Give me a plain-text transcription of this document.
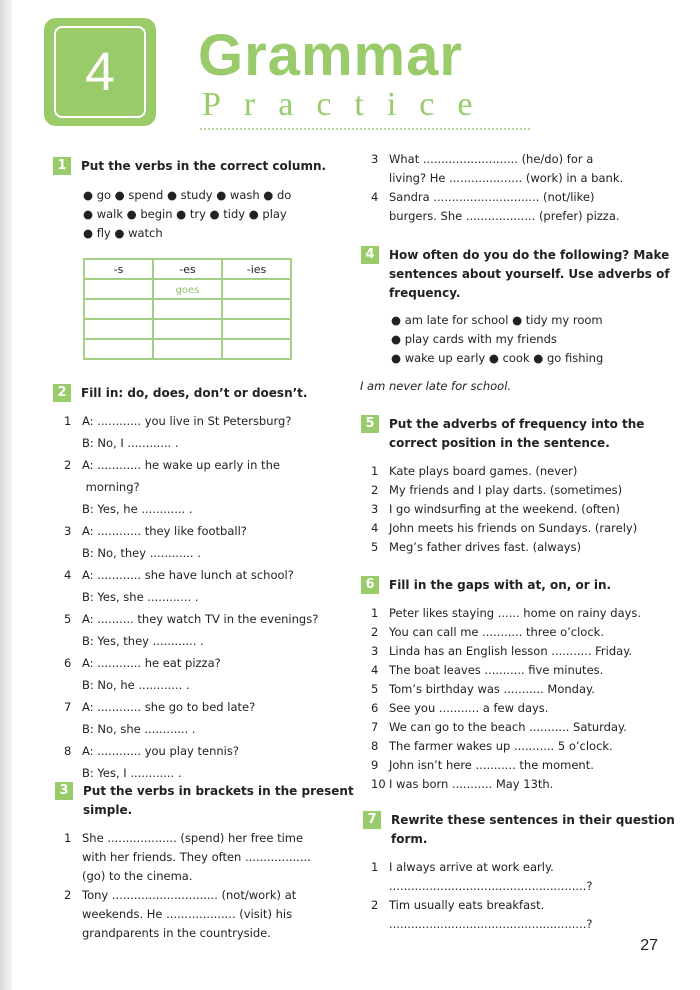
4	Grammar
Practice
1	Put the verbs in the correct column.
● go ● spend ● study ● wash ● do
● walk ● begin ● try ● tidy ● play
● fly ● watch
-s	-es	-ies
	goes	

2	Fill in: do, does, don’t or doesn’t.
1 A: ............ you live in St Petersburg?
B: No, I ............ .
2 A: ............ he wake up early in the
morning?
B: Yes, he ............ .
3 A: ............ they like football?
B: No, they ............ .
4 A: ............ she have lunch at school?
B: Yes, she ............ .
5 A: .......... they watch TV in the evenings?
B: Yes, they ............ .
6 A: ............ he eat pizza?
B: No, he ............ .
7 A: ............ she go to bed late?
B: No, she ............ .
8 A: ............ you play tennis?
B: Yes, I ............ .
3	Put the verbs in brackets in the present
simple.
1 She ................... (spend) her free time
with her friends. They often ..................
(go) to the cinema.
2 Tony ............................. (not/work) at
weekends. He ................... (visit) his
grandparents in the countryside.
3 What .......................... (he/do) for a
living? He .................... (work) in a bank.
4 Sandra ............................. (not/like)
burgers. She ................... (prefer) pizza.
4	How often do you do the following? Make
sentences about yourself. Use adverbs of
frequency.
● am late for school ● tidy my room
● play cards with my friends
● wake up early ● cook ● go fishing
I am never late for school.
5	Put the adverbs of frequency into the
correct position in the sentence.
1 Kate plays board games. (never)
2 My friends and I play darts. (sometimes)
3 I go windsurfing at the weekend. (often)
4 John meets his friends on Sundays. (rarely)
5 Meg’s father drives fast. (always)
6	Fill in the gaps with at, on, or in.
1 Peter likes staying ...... home on rainy days.
2 You can call me ........... three o’clock.
3 Linda has an English lesson ........... Friday.
4 The boat leaves ........... five minutes.
5 Tom’s birthday was ........... Monday.
6 See you ........... a few days.
7 We can go to the beach ........... Saturday.
8 The farmer wakes up ........... 5 o’clock.
9 John isn’t here ........... the moment.
10 I was born ........... May 13th.
7	Rewrite these sentences in their question
form.
1 I always arrive at work early.
......................................................?
2 Tim usually eats breakfast.
......................................................?
27
